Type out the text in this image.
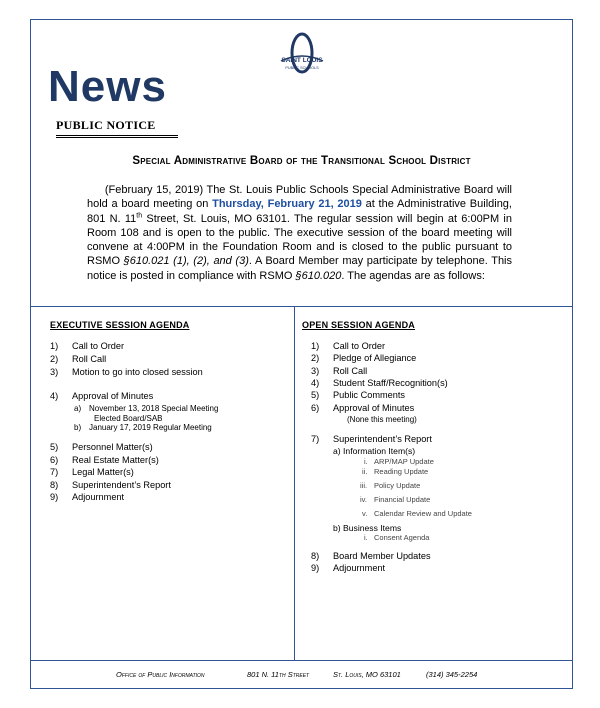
SAINT LOUIS
PUBLIC SCHOOLS
News
PUBLIC NOTICE
Special Administrative Board of the Transitional School District
(February 15, 2019) The St. Louis Public Schools Special Administrative Board will hold a board meeting on Thursday, February 21, 2019 at the Administrative Building, 801 N. 11th Street, St. Louis, MO 63101. The regular session will begin at 6:00PM in Room 108 and is open to the public. The executive session of the board meeting will convene at 4:00PM in the Foundation Room and is closed to the public pursuant to RSMO §610.021 (1), (2), and (3). A Board Member may participate by telephone. This notice is posted in compliance with RSMO §610.020. The agendas are as follows:
EXECUTIVE SESSION AGENDA
1) Call to Order
2) Roll Call
3) Motion to go into closed session
4) Approval of Minutes
a) November 13, 2018 Special Meeting
Elected Board/SAB
b) January 17, 2019 Regular Meeting
5) Personnel Matter(s)
6) Real Estate Matter(s)
7) Legal Matter(s)
8) Superintendent’s Report
9) Adjournment
OPEN SESSION AGENDA
1) Call to Order
2) Pledge of Allegiance
3) Roll Call
4) Student Staff/Recognition(s)
5) Public Comments
6) Approval of Minutes
(None this meeting)
7) Superintendent’s Report
a) Information Item(s)
i. ARP/MAP Update
ii. Reading Update
iii. Policy Update
iv. Financial Update
v. Calendar Review and Update
b) Business Items
i. Consent Agenda
8) Board Member Updates
9) Adjournment
Office of Public Information	801 N. 11th Street	St. Louis, MO 63101	(314) 345-2254
